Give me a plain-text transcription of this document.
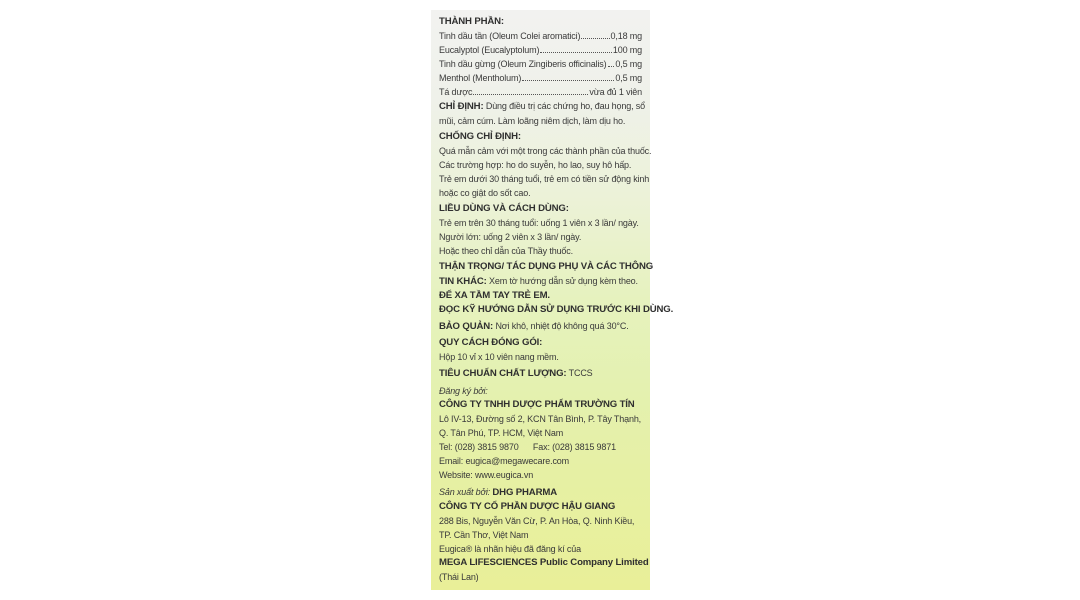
THÀNH PHẦN:
Tinh dầu tần (Oleum Colei aromatici)	0,18 mg
Eucalyptol (Eucalyptolum)	100 mg
Tinh dầu gừng (Oleum Zingiberis officinalis) 0,5 mg
Menthol (Mentholum)	0,5 mg
Tá dược	vừa đủ 1 viên
CHỈ ĐỊNH: Dùng điều trị các chứng ho, đau họng, sổ
mũi, cảm cúm. Làm loãng niêm dịch, làm dịu ho.
CHỐNG CHỈ ĐỊNH:
Quá mẫn cảm với một trong các thành phần của thuốc.
Các trường hợp: ho do suyễn, ho lao, suy hô hấp.
Trẻ em dưới 30 tháng tuổi, trẻ em có tiền sử động kinh
hoặc co giật do sốt cao.
LIỀU DÙNG VÀ CÁCH DÙNG:
Trẻ em trên 30 tháng tuổi: uống 1 viên x 3 lần/ ngày.
Người lớn: uống 2 viên x 3 lần/ ngày.
Hoặc theo chỉ dẫn của Thầy thuốc.
THẬN TRỌNG/ TÁC DỤNG PHỤ VÀ CÁC THÔNG
TIN KHÁC: Xem tờ hướng dẫn sử dụng kèm theo.
ĐỂ XA TẦM TAY TRẺ EM.
ĐỌC KỸ HƯỚNG DẪN SỬ DỤNG TRƯỚC KHI DÙNG.
BẢO QUẢN: Nơi khô, nhiệt độ không quá 30°C.
QUY CÁCH ĐÓNG GÓI:
Hộp 10 vỉ x 10 viên nang mềm.
TIÊU CHUẨN CHẤT LƯỢNG: TCCS
Đăng ký bởi:
CÔNG TY TNHH DƯỢC PHẨM TRƯỜNG TÍN
Lô IV-13, Đường số 2, KCN Tân Bình, P. Tây Thạnh,
Q. Tân Phú, TP. HCM, Việt Nam
Tel: (028) 3815 9870 Fax: (028) 3815 9871
Email: eugica@megawecare.com
Website: www.eugica.vn
Sản xuất bởi: DHG PHARMA
CÔNG TY CỔ PHẦN DƯỢC HẬU GIANG
288 Bis, Nguyễn Văn Cừ, P. An Hòa, Q. Ninh Kiều,
TP. Cần Thơ, Việt Nam
Eugica® là nhãn hiệu đã đăng kí của
MEGA LIFESCIENCES Public Company Limited
(Thái Lan)
